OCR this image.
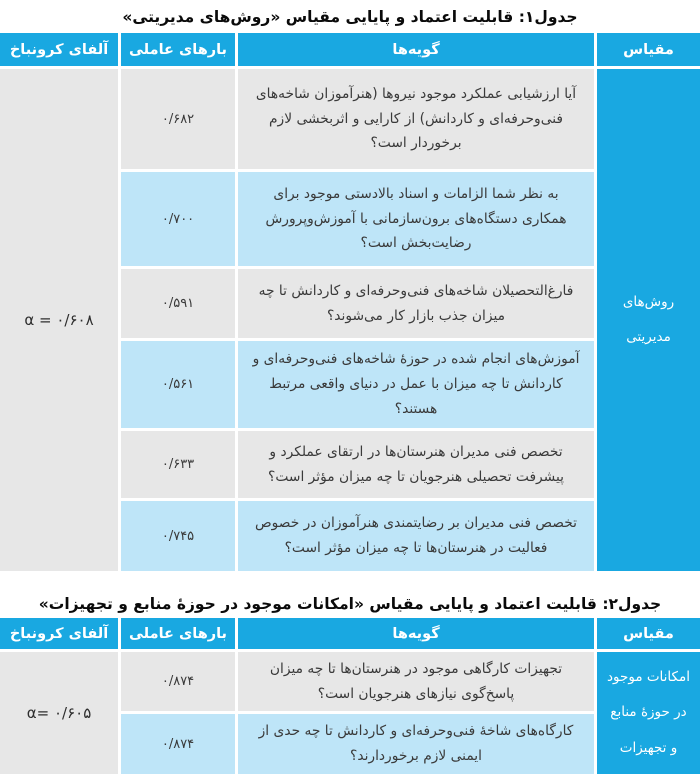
جدول۱: قابلیت اعتماد و پایایی مقیاس «روش‌های مدیریتی»
مقیاس
گویه‌ها
بارهای عاملی
آلفای کرونباخ
روش‌های مدیریتی
α = ۰/۶۰۸
آیا ارزشیابی عملکرد موجود نیروها (هنرآموزان شاخه‌های فنی‌وحرفه‌ای و کاردانش) از کارایی و اثربخشی لازم برخوردار است؟
۰/۶۸۲
به نظر شما الزامات و اسناد بالادستی موجود برای همکاری دستگاه‌های برون‌سازمانی با آموزش‌وپرورش رضایت‌بخش است؟
۰/۷۰۰
فارغ‌التحصیلان شاخه‌های فنی‌وحرفه‌ای و کاردانش تا چه میزان جذب بازار کار می‌شوند؟
۰/۵۹۱
آموزش‌های انجام شده در حوزهٔ شاخه‌های فنی‌وحرفه‌ای و کاردانش تا چه میزان با عمل در دنیای واقعی مرتبط هستند؟
۰/۵۶۱
تخصص فنی مدیران هنرستان‌ها در ارتقای عملکرد و پیشرفت تحصیلی هنرجویان تا چه میزان مؤثر است؟
۰/۶۳۳
تخصص فنی مدیران بر رضایتمندی هنرآموزان در خصوص فعالیت در هنرستان‌ها تا چه میزان مؤثر است؟
۰/۷۴۵
جدول۲: قابلیت اعتماد و پایایی مقیاس «امکانات موجود در حوزهٔ منابع و تجهیزات»
مقیاس
گویه‌ها
بارهای عاملی
آلفای کرونباخ
امکانات موجود در حوزهٔ منابع و تجهیزات
α= ۰/۶۰۵
تجهیزات کارگاهی موجود در هنرستان‌ها تا چه میزان پاسخ‌گوی نیازهای هنرجویان است؟
۰/۸۷۴
کارگاه‌های شاخهٔ فنی‌وحرفه‌ای و کاردانش تا چه حدی از ایمنی لازم برخوردارند؟
۰/۸۷۴
